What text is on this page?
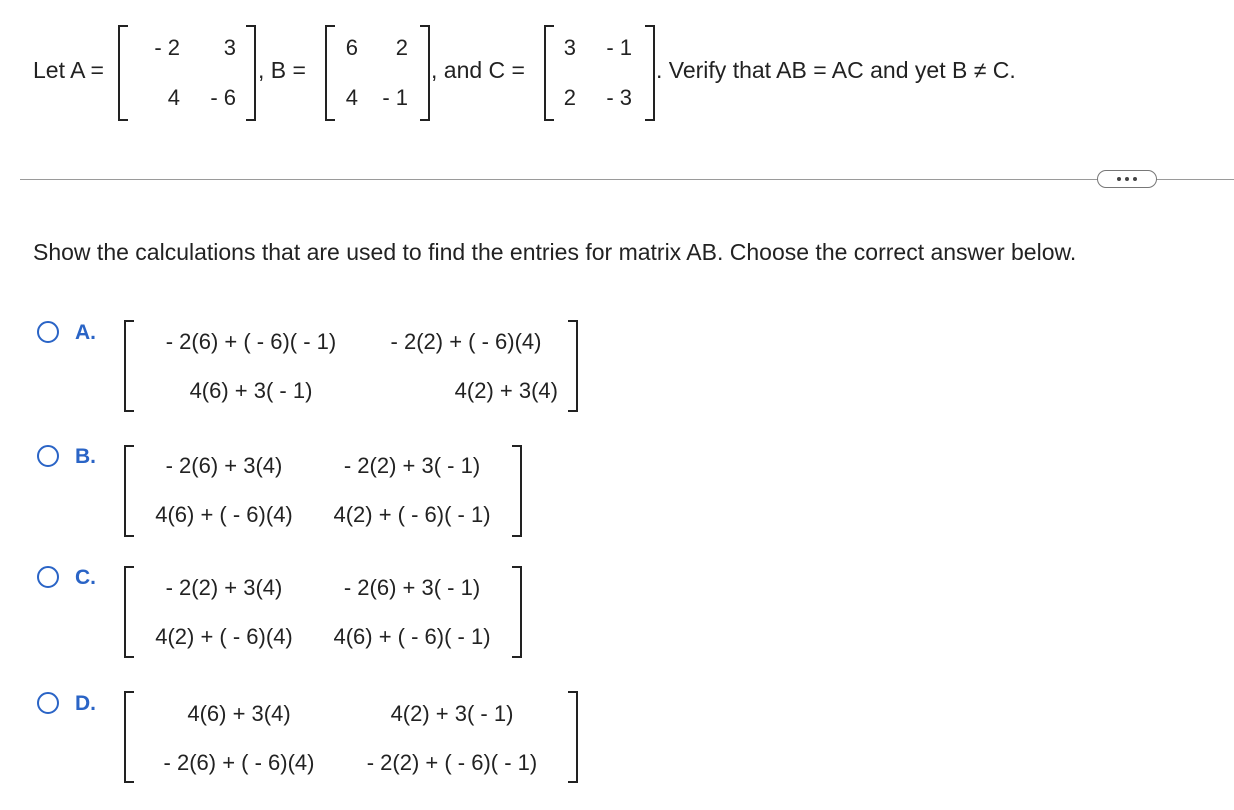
Let A =
- 2	3
4	- 6
, B =
6	2
4	- 1
, and C =
3	- 1
2	- 3
. Verify that AB = AC and yet B ≠ C.
Show the calculations that are used to find the entries for matrix AB. Choose the correct answer below.
A.	- 2(6) + ( - 6)( - 1)	- 2(2) + ( - 6)(4)
4(6) + 3( - 1)	4(2) + 3(4)
B.	- 2(6) + 3(4)	- 2(2) + 3( - 1)
4(6) + ( - 6)(4)	4(2) + ( - 6)( - 1)
C.	- 2(2) + 3(4)	- 2(6) + 3( - 1)
4(2) + ( - 6)(4)	4(6) + ( - 6)( - 1)
D.	4(6) + 3(4)	4(2) + 3( - 1)
- 2(6) + ( - 6)(4)	- 2(2) + ( - 6)( - 1)
